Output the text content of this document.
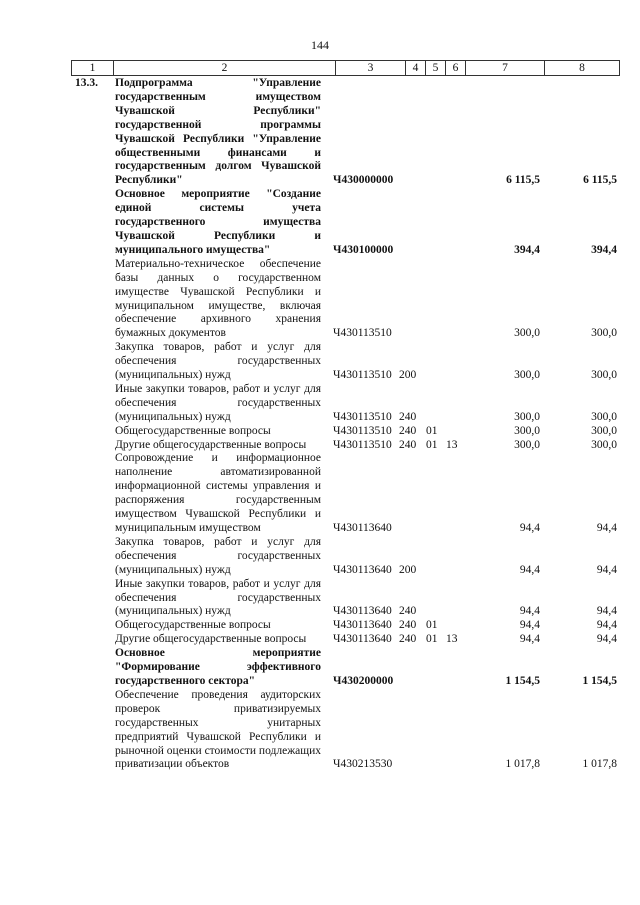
144
1	2	3	4	5	6	7	8
13.3.	Подпрограмма "Управление государственным имуществом Чувашской Республики" государственной программы Чувашской Республики "Управление общественными финансами и государственным долгом Чувашской Республики"	Ч430000000	6 115,5	6 115,5
Основное мероприятие "Создание единой системы учета государственного имущества Чувашской Республики и муниципального имущества"	Ч430100000	394,4	394,4
Материально-техническое обеспечение базы данных о государственном имуществе Чувашской Республики и муниципальном имуществе, включая обеспечение архивного хранения бумажных документов	Ч430113510	300,0	300,0
Закупка товаров, работ и услуг для обеспечения государственных (муниципальных) нужд	Ч430113510 200	300,0	300,0
Иные закупки товаров, работ и услуг для обеспечения государственных (муниципальных) нужд	Ч430113510 240	300,0	300,0
Общегосударственные вопросы	Ч430113510 240 01	300,0	300,0
Другие общегосударственные вопросы	Ч430113510 240 01 13	300,0	300,0
Сопровождение и информационное наполнение автоматизированной информационной системы управления и распоряжения государственным имуществом Чувашской Республики и муниципальным имуществом	Ч430113640	94,4	94,4
Закупка товаров, работ и услуг для обеспечения государственных (муниципальных) нужд	Ч430113640 200	94,4	94,4
Иные закупки товаров, работ и услуг для обеспечения государственных (муниципальных) нужд	Ч430113640 240	94,4	94,4
Общегосударственные вопросы	Ч430113640 240 01	94,4	94,4
Другие общегосударственные вопросы	Ч430113640 240 01 13	94,4	94,4
Основное мероприятие "Формирование эффективного государственного сектора"	Ч430200000	1 154,5	1 154,5
Обеспечение проведения аудиторских проверок приватизируемых государственных унитарных предприятий Чувашской Республики и рыночной оценки стоимости подлежащих приватизации объектов	Ч430213530	1 017,8	1 017,8
